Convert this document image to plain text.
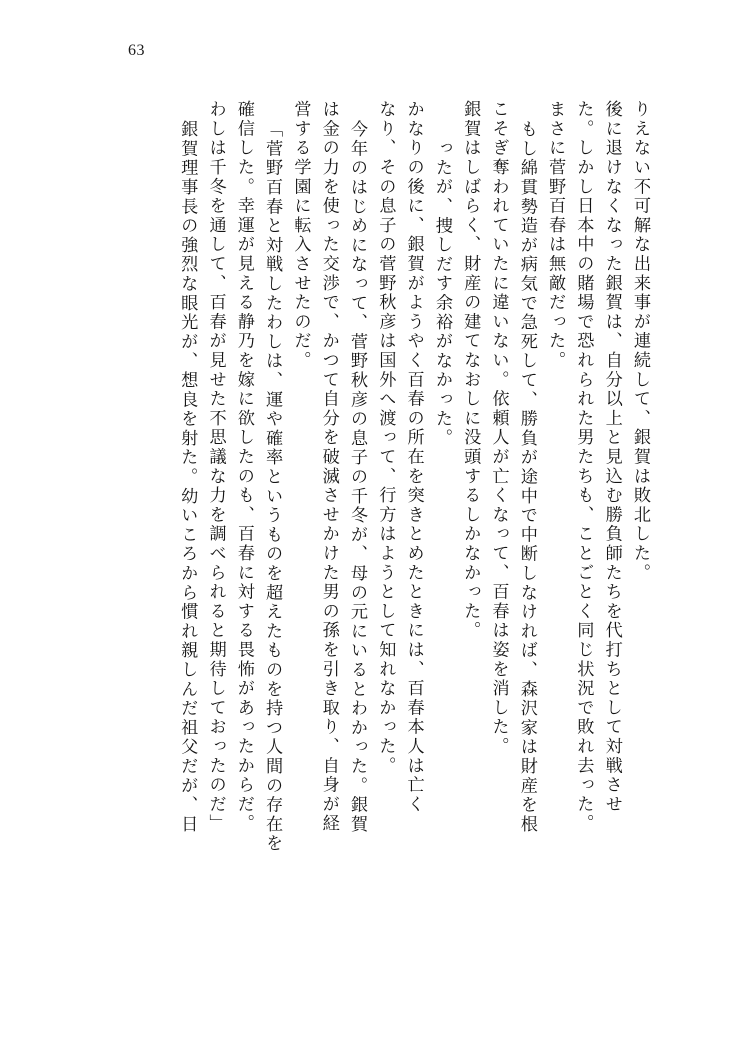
63
りえない不可解な出来事が連続して、銀賀は敗北した。
後に退けなくなった銀賀は、自分以上と見込む勝負師たちを代打ちとして対戦させ
た。しかし日本中の賭場で恐れられた男たちも、ことごとく同じ状況で敗れ去った。
まさに菅野百春は無敵だった。
もし綿貫勢造が病気で急死して、勝負が途中で中断しなければ、森沢家は財産を根
こそぎ奪われていたに違いない。依頼人が亡くなって、百春は姿を消した。
銀賀はしばらく、財産の建てなおしに没頭するしかなかった。
ったが、捜しだす余裕がなかった。
かなりの後に、銀賀がようやく百春の所在を突きとめたときには、百春本人は亡く
なり、その息子の菅野秋彦は国外へ渡って、行方はようとして知れなかった。
今年のはじめになって、菅野秋彦の息子の千冬が、母の元にいるとわかった。銀賀
は金の力を使った交渉で、かつて自分を破滅させかけた男の孫を引き取り、自身が経
営する学園に転入させたのだ。
「菅野百春と対戦したわしは、運や確率というものを超えたものを持つ人間の存在を
確信した。幸運が見える静乃を嫁に欲したのも、百春に対する畏怖があったからだ。
わしは千冬を通して、百春が見せた不思議な力を調べられると期待しておったのだ」
銀賀理事長の強烈な眼光が、想良を射た。幼いころから慣れ親しんだ祖父だが、日
